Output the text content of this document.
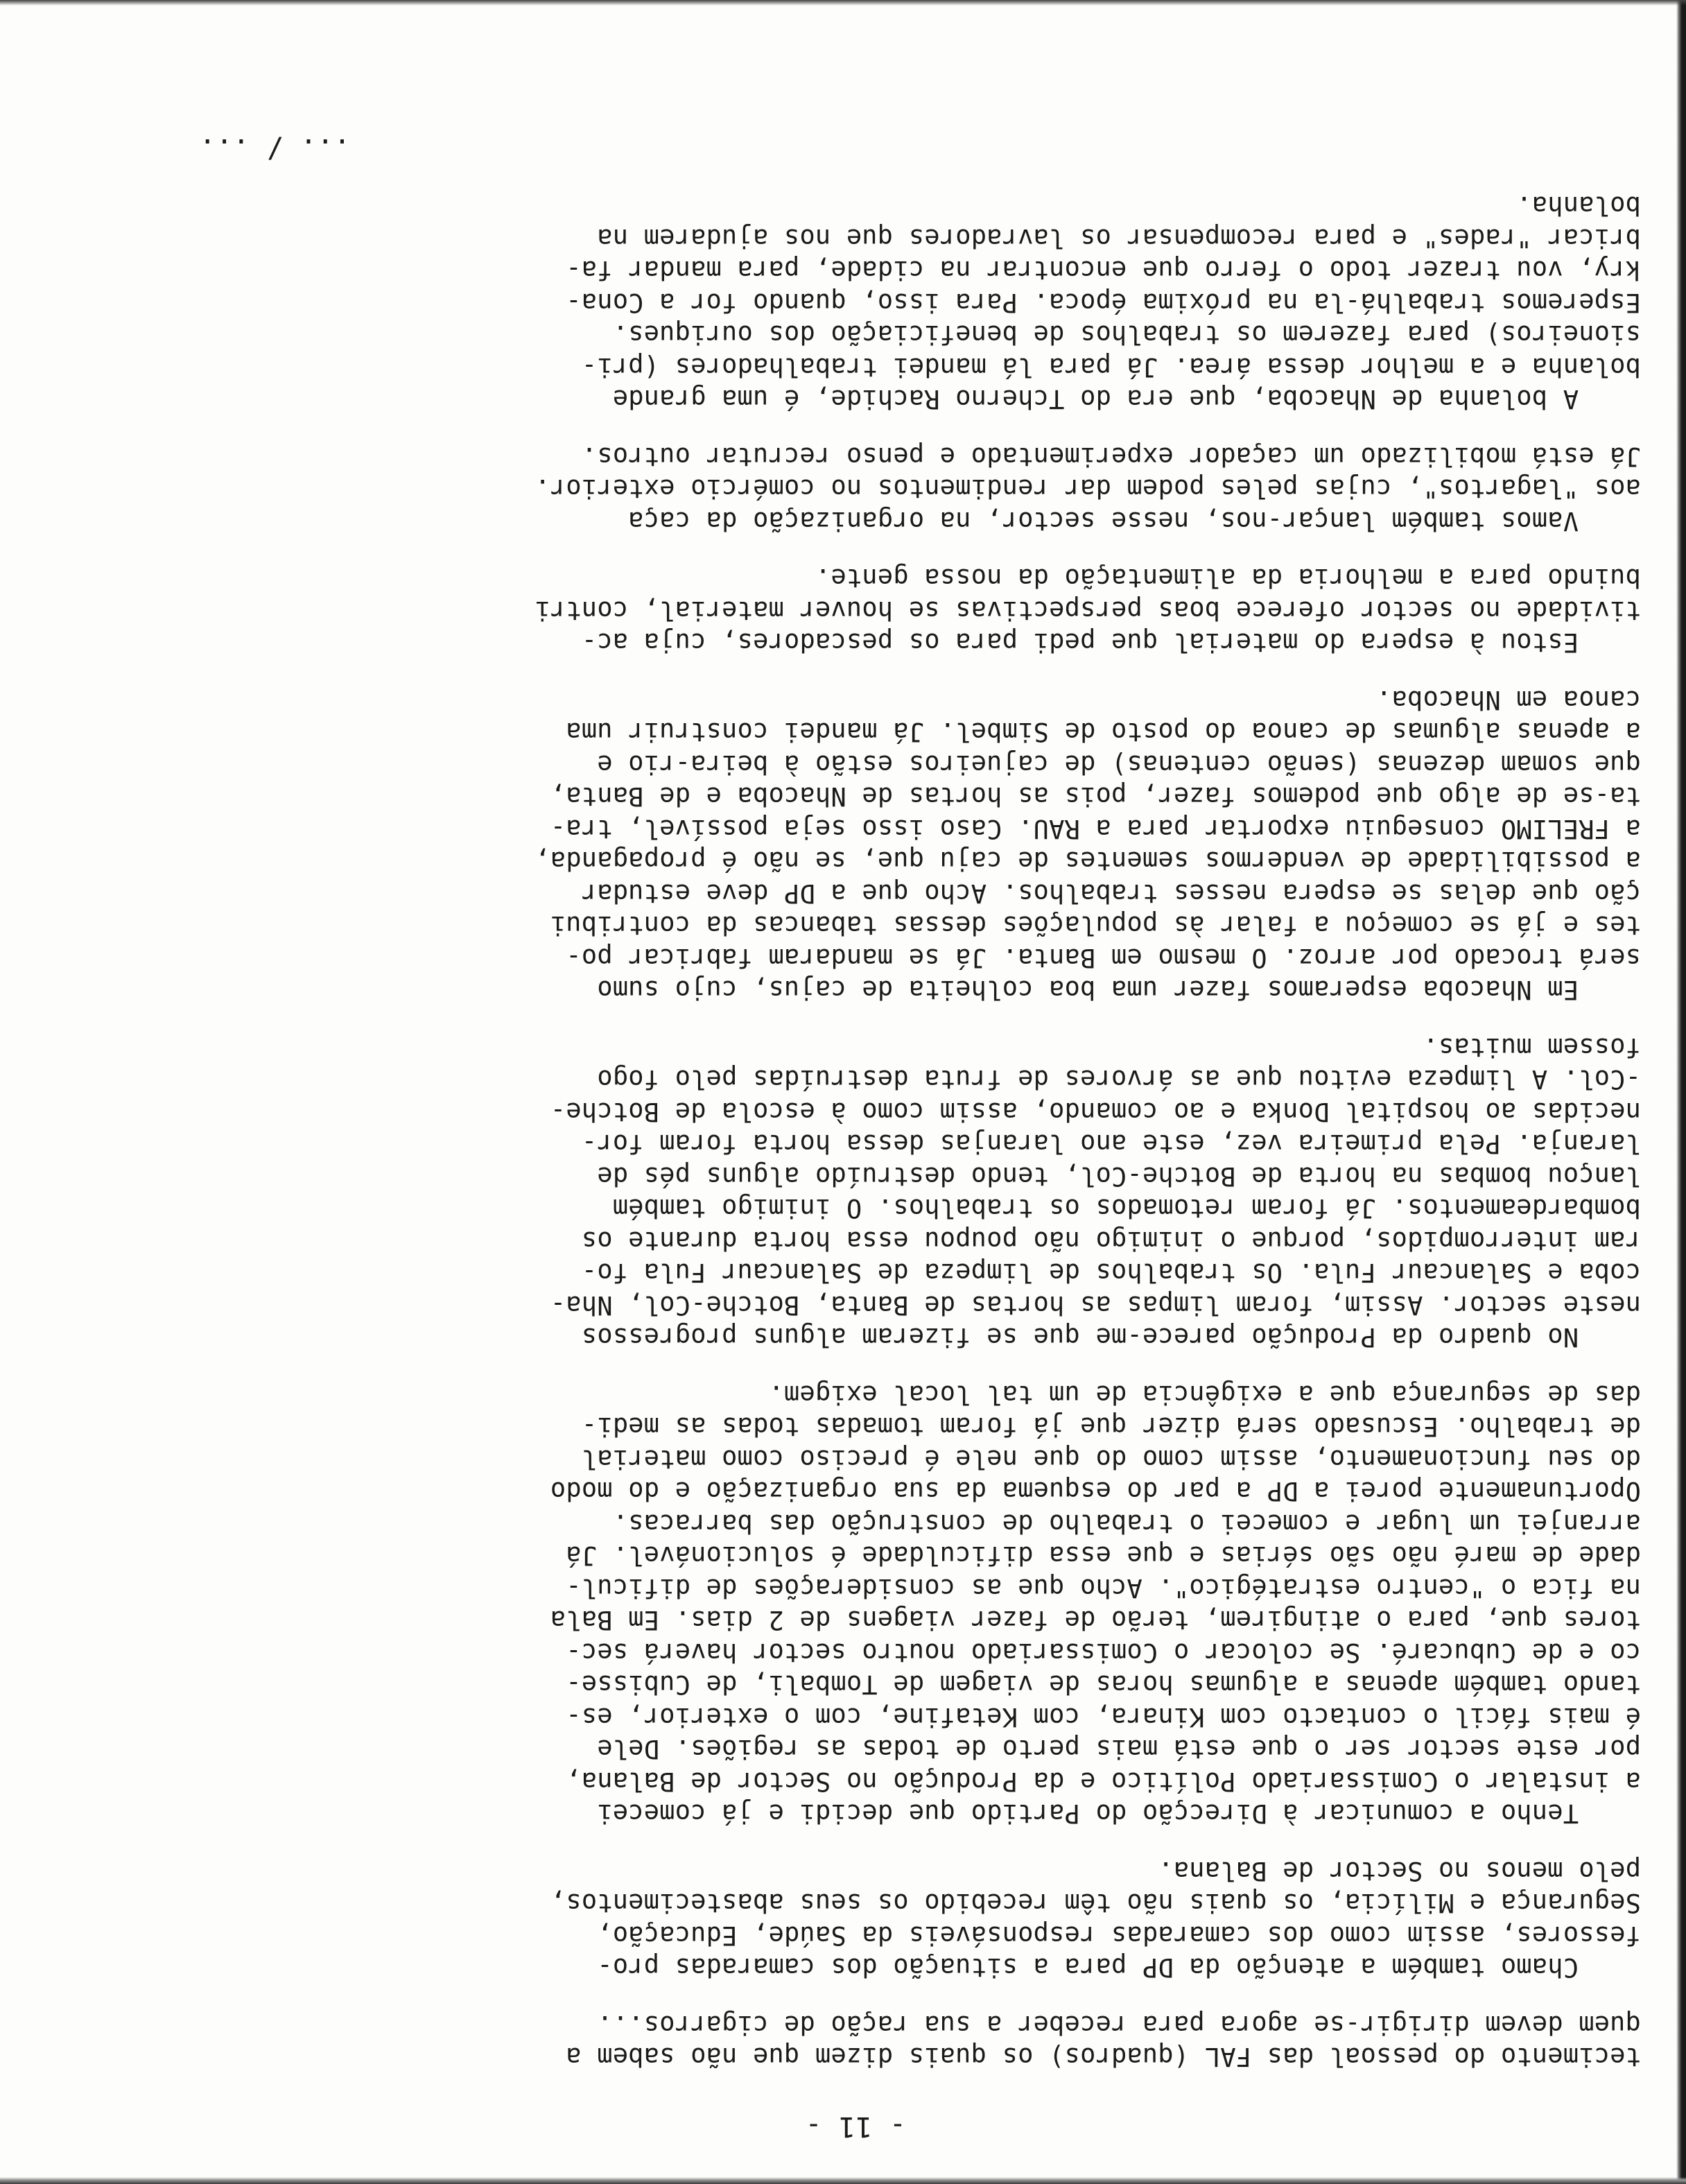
- 11 -
tecimento do pessoal das FAL (quadros) os quais dizem que não sabem a
quem devem dirigir-se agora para receber a sua ração de cigarros...
Chamo também a atenção da DP para a situação dos camaradas pro-
fessores, assim como dos camaradas responsáveis da Saúde, Educação,
Segurança e Milícia, os quais não têm recebido os seus abastecimentos,
pelo menos no Sector de Balana.
Tenho a comunicar à Direcção do Partido que decidi e já comecei
a instalar o Comissariado Político e da Produção no Sector de Balana,
por este sector ser o que está mais perto de todas as regiões. Dele
é mais fácil o contacto com Kinara, com Ketafine, com o exterior, es-
tando também apenas a algumas horas de viagem de Tombali, de Cubisse-
co e de Cubucaré. Se colocar o Comissariado noutro sector haverá sec-
tores que, para o atingirem, terão de fazer viagens de 2 dias. Em Bala
na fica o "centro estratégico". Acho que as considerações de dificul-
dade de maré não são sérias e que essa dificuldade é solucionável. Já
arranjei um lugar e comecei o trabalho de construção das barracas.
Oportunamente porei a DP a par do esquema da sua organização e do modo
do seu funcionamento, assim como do que nele é preciso como material
de trabalho. Escusado será dizer que já foram tomadas todas as medi-
das de segurança que a exigência de um tal local exigem.
No quadro da Produção parece-me que se fizeram alguns progressos
neste sector. Assim, foram limpas as hortas de Banta, Botche-Col, Nha-
coba e Salancaur Fula. Os trabalhos de limpeza de Salancaur Fula fo-
ram interrompidos, porque o inimigo não poupou essa horta durante os
bombardeamentos. Já foram retomados os trabalhos. O inimigo também
lançou bombas na horta de Botche-Col, tendo destruído alguns pés de
laranja. Pela primeira vez, este ano laranjas dessa horta foram for-
necidas ao hospital Donka e ao comando, assim como à escola de Botche-
-Col. A limpeza evitou que as árvores de fruta destruídas pelo fogo
fossem muitas.
Em Nhacoba esperamos fazer uma boa colheita de cajus, cujo sumo
será trocado por arroz. O mesmo em Banta. Já se mandaram fabricar po-
tes e já se começou a falar às populações dessas tabancas da contribui
ção que delas se espera nesses trabalhos. Acho que a DP deve estudar
a possibilidade de vendermos sementes de caju que, se não é propaganda,
a FRELIMO conseguiu exportar para a RAU. Caso isso seja possível, tra-
ta-se de algo que podemos fazer, pois as hortas de Nhacoba e de Banta,
que somam dezenas (senão centenas) de cajueiros estão à beira-rio e
a apenas algumas de canoa do posto de Simbel. Já mandei construir uma
canoa em Nhacoba.
Estou à espera do material que pedi para os pescadores, cuja ac-
tividade no sector oferece boas perspectivas se houver material, contri
buindo para a melhoria da alimentação da nossa gente.
Vamos também lançar-nos, nesse sector, na organização da caça
aos "lagartos", cujas peles podem dar rendimentos no comércio exterior.
Já está mobilizado um caçador experimentado e penso recrutar outros.
A bolanha de Nhacoba, que era do Tcherno Rachide, é uma grande
bolanha e a melhor dessa área. Já para lá mandei trabalhadores (pri-
sioneiros) para fazerem os trabalhos de beneficiação dos ouriques.
Esperemos trabalhá-la na próxima época. Para isso, quando for a Cona-
kry, vou trazer todo o ferro que encontrar na cidade, para mandar fa-
bricar "rades" e para recompensar os lavradores que nos ajudarem na
bolanha.
... / ...
